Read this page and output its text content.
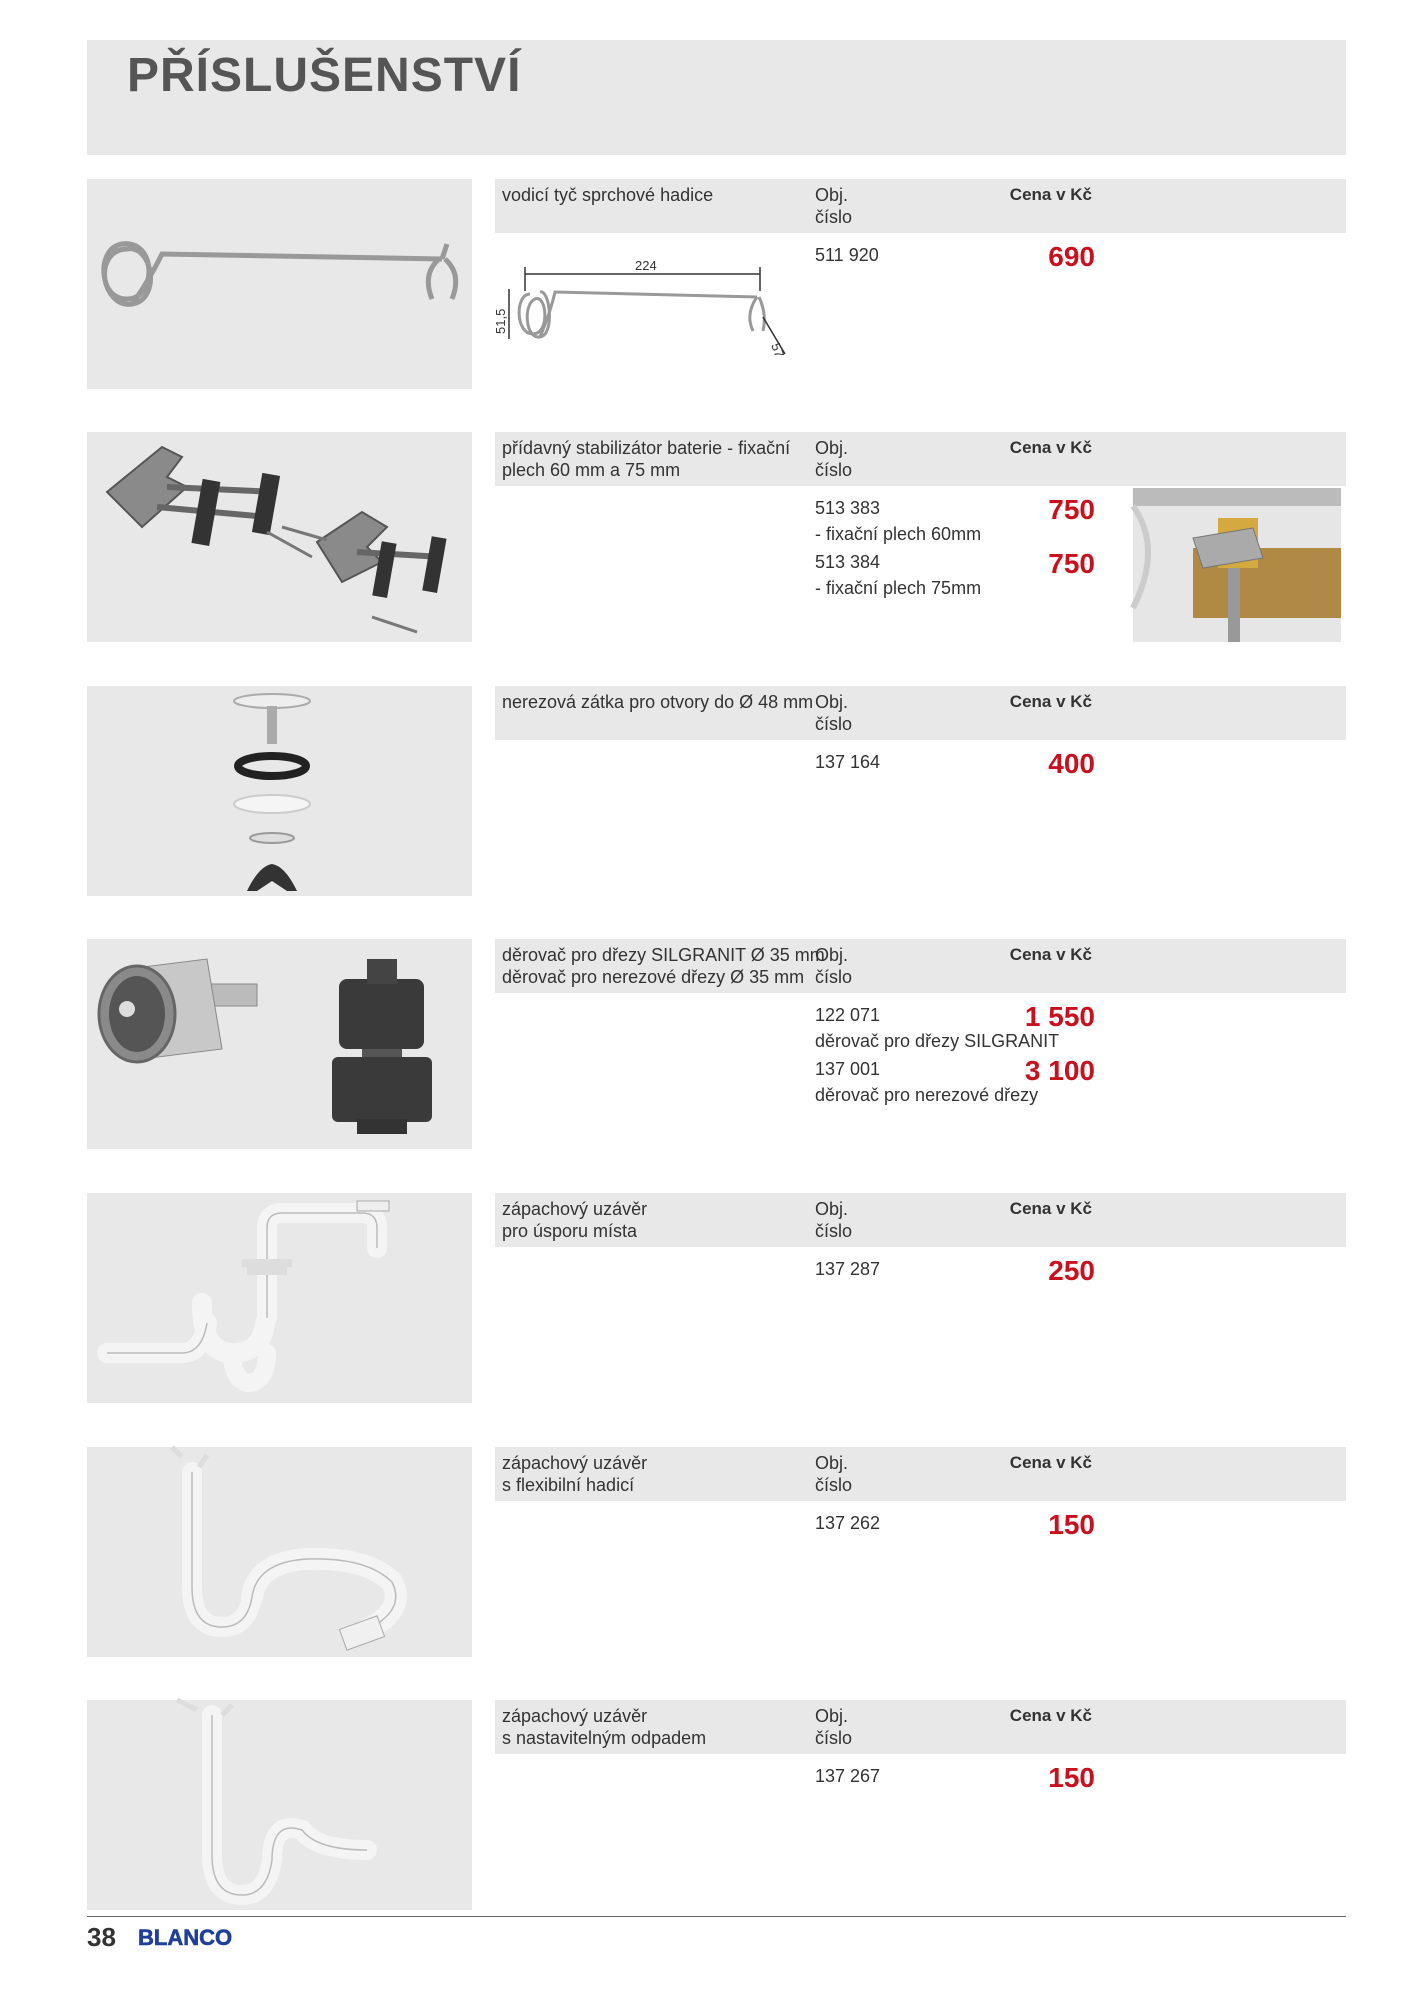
PŘÍSLUŠENSTVÍ
vodicí tyč sprchové hadice	Obj.
číslo
Cena v Kč
224
51,5
57
511 920	690
přídavný stabilizátor baterie - fixační
plech 60 mm a 75 mm
Obj.
číslo
Cena v Kč
513 383	750
- fixační plech 60mm
513 384	750
- fixační plech 75mm
nerezová zátka pro otvory do Ø 48 mm Obj.
číslo
Cena v Kč
137 164	400
děrovač pro dřezy SILGRANIT Ø 35 mm
děrovač pro nerezové dřezy Ø 35 mm
Obj.
číslo
Cena v Kč
122 071	1 550
děrovač pro dřezy SILGRANIT
137 001	3 100
děrovač pro nerezové dřezy
zápachový uzávěr
pro úsporu místa
Obj.
číslo
Cena v Kč
137 287	250
zápachový uzávěr
s flexibilní hadicí
Obj.
číslo
Cena v Kč
137 262	150
zápachový uzávěr
s nastavitelným odpadem
Obj.
číslo
Cena v Kč
137 267	150
38 BLANCO
